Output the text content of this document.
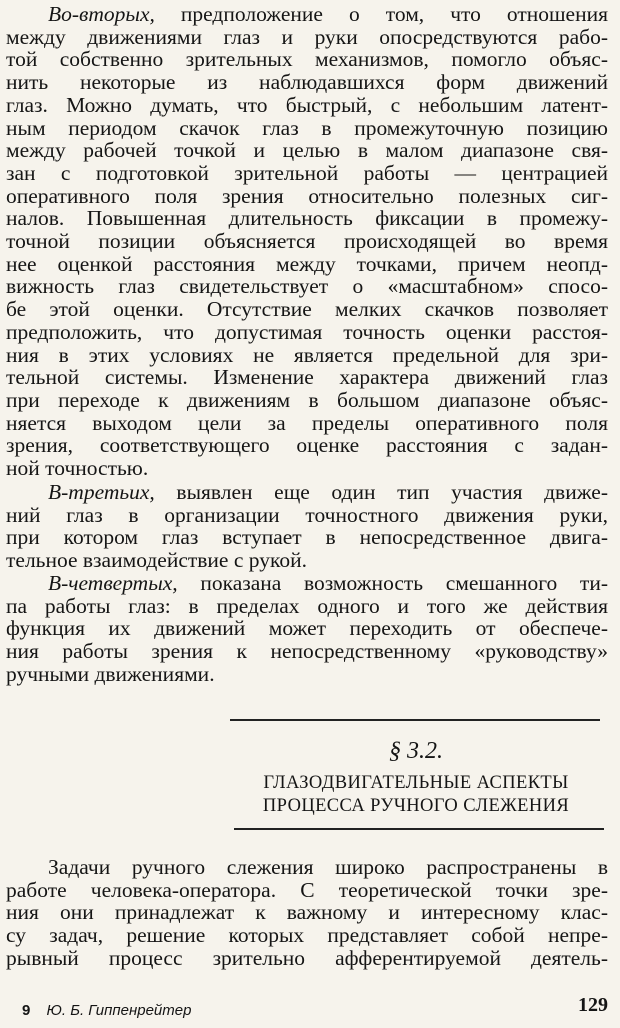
Во-вторых, предположение о том, что отношения
между движениями глаз и руки опосредствуются рабо-
той собственно зрительных механизмов, помогло объяс-
нить некоторые из наблюдавшихся форм движений
глаз. Можно думать, что быстрый, с небольшим латент-
ным периодом скачок глаз в промежуточную позицию
между рабочей точкой и целью в малом диапазоне свя-
зан с подготовкой зрительной работы — центрацией
оперативного поля зрения относительно полезных сиг-
налов. Повышенная длительность фиксации в промежу-
точной позиции объясняется происходящей во время
нее оценкой расстояния между точками, причем неопд-
вижность глаз свидетельствует о «масштабном» спосо-
бе этой оценки. Отсутствие мелких скачков позволяет
предположить, что допустимая точность оценки расстоя-
ния в этих условиях не является предельной для зри-
тельной системы. Изменение характера движений глаз
при переходе к движениям в большом диапазоне объяс-
няется выходом цели за пределы оперативного поля
зрения, соответствующего оценке расстояния с задан-
ной точностью.
В-третьих, выявлен еще один тип участия движе-
ний глаз в организации точностного движения руки,
при котором глаз вступает в непосредственное двига-
тельное взаимодействие с рукой.
В-четвертых, показана возможность смешанного ти-
па работы глаз: в пределах одного и того же действия
функция их движений может переходить от обеспече-
ния работы зрения к непосредственному «руководству»
ручными движениями.
§ 3.2.
ГЛАЗОДВИГАТЕЛЬНЫЕ АСПЕКТЫ
ПРОЦЕССА РУЧНОГО СЛЕЖЕНИЯ
Задачи ручного слежения широко распространены в
работе человека-оператора. С теоретической точки зре-
ния они принадлежат к важному и интересному клас-
су задач, решение которых представляет собой непре-
рывный процесс зрительно афферентируемой деятель-
9 Ю. Б. Гиппенрейтер	129
